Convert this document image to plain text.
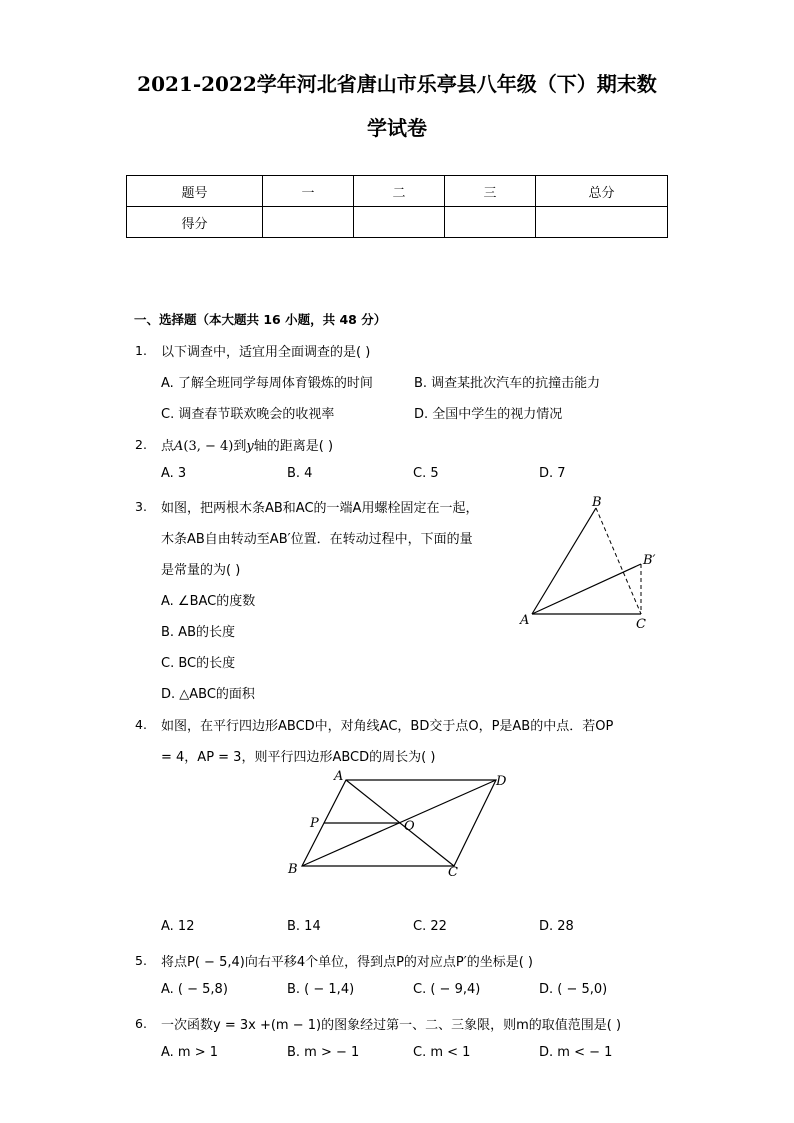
2021-2022学年河北省唐山市乐亭县八年级（下）期末数
学试卷
题号	一	二	三	总分
得分				
一、选择题（本大题共 16 小题，共 48 分）
1. 以下调查中，适宜用全面调查的是( )
A. 了解全班同学每周体育锻炼的时间	B. 调查某批次汽车的抗撞击能力
C. 调查春节联欢晚会的收视率	D. 全国中学生的视力情况
2. 点A(3, − 4)到y轴的距离是( )
A. 3	B. 4	C. 5	D. 7
3. 如图，把两根木条AB和AC的一端A用螺栓固定在一起，
木条AB自由转动至AB′位置．在转动过程中，下面的量
是常量的为( )
A. ∠BAC的度数
B. AB的长度
C. BC的长度
D. △ABC的面积
A
B
B′
C
4. 如图，在平行四边形ABCD中，对角线AC，BD交于点O，P是AB的中点．若OP
= 4，AP = 3，则平行四边形ABCD的周长为( )
A	D
P	O
B	C
A. 12	B. 14	C. 22	D. 28
5. 将点P( − 5,4)向右平移4个单位，得到点P的对应点P′的坐标是( )
A. ( − 5,8)	B. ( − 1,4)	C. ( − 9,4)	D. ( − 5,0)
6. 一次函数y = 3x +(m − 1)的图象经过第一、二、三象限，则m的取值范围是( )
A. m > 1	B. m > − 1	C. m < 1	D. m < − 1
